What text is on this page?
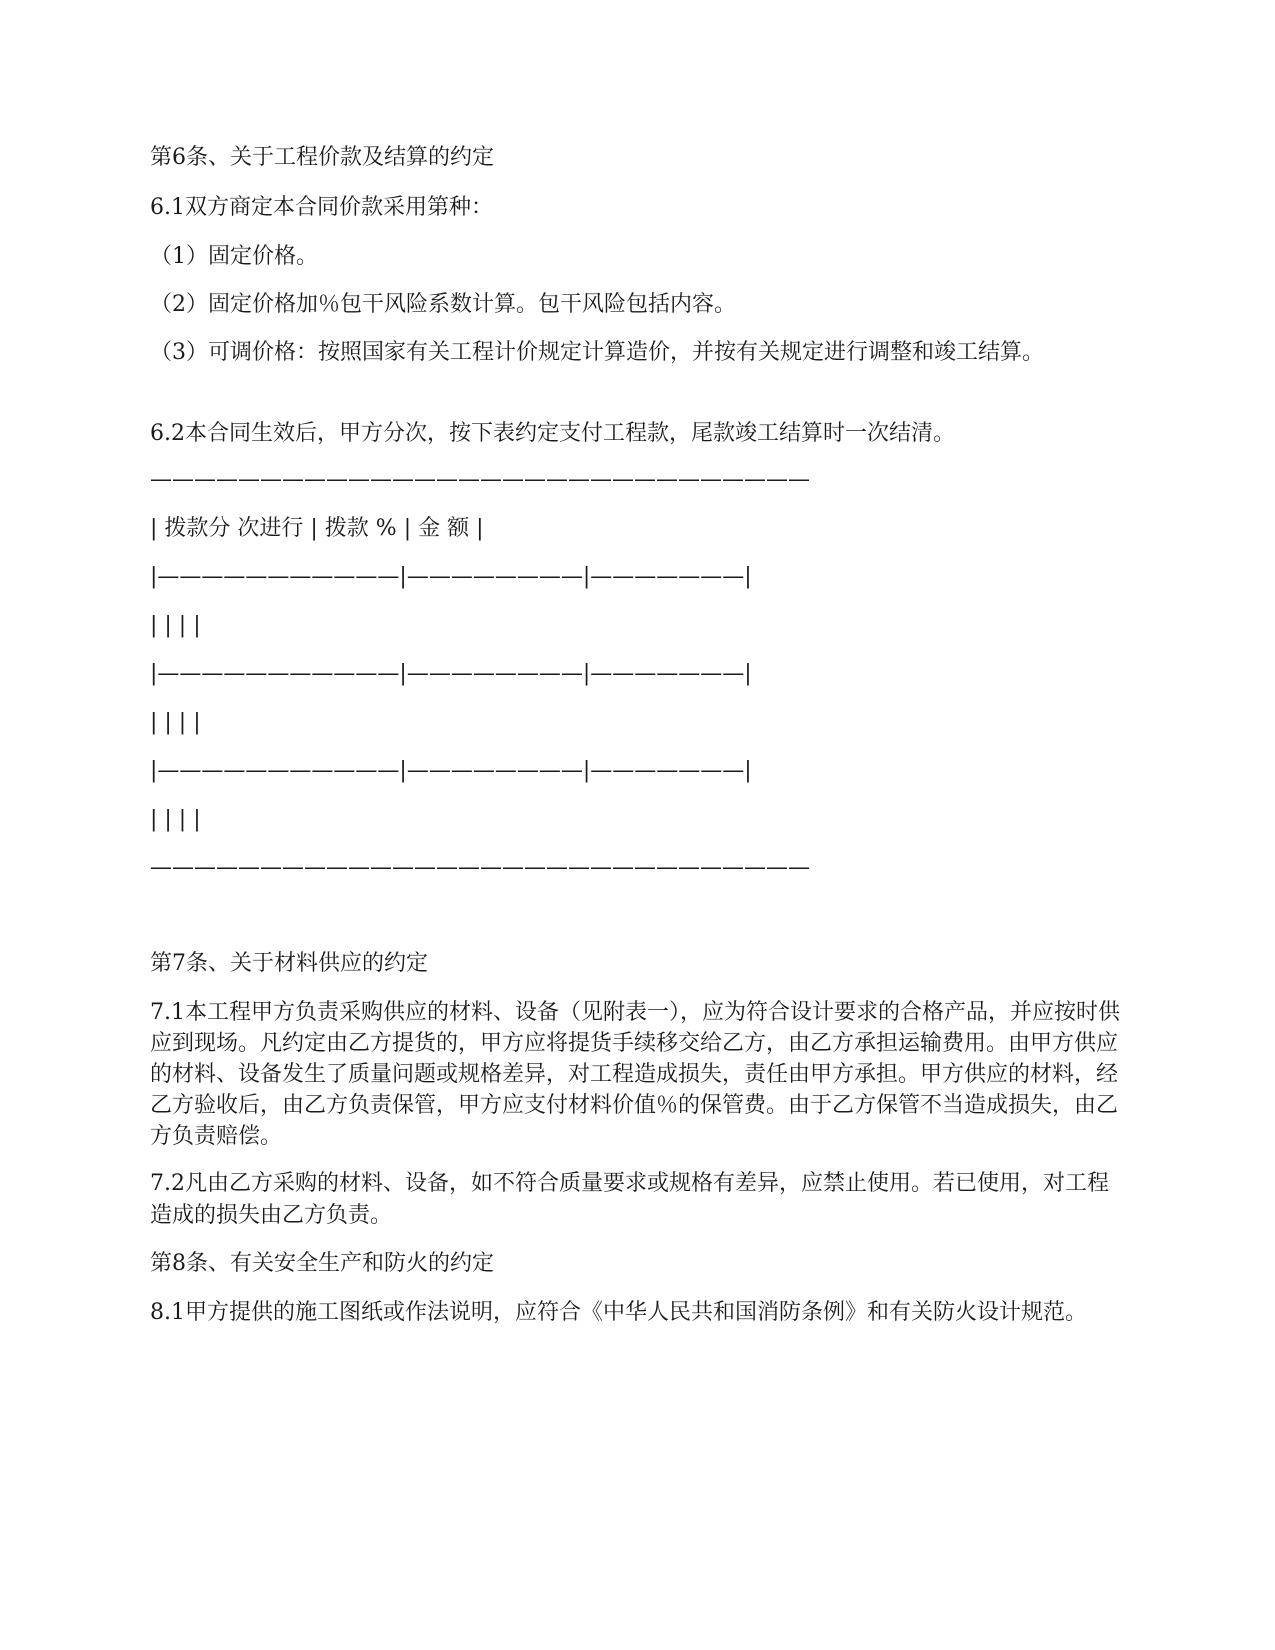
第6条、关于工程价款及结算的约定

6.1双方商定本合同价款采用第种：

（1）固定价格。

（2）固定价格加％包干风险系数计算。包干风险包括内容。

（3）可调价格：按照国家有关工程计价规定计算造价，并按有关规定进行调整和竣工结算。

6.2本合同生效后，甲方分次，按下表约定支付工程款，尾款竣工结算时一次结清。

——————————————————————————————

| 拨款分 次进行 | 拨款 % | 金 额 |

|———————————|————————|———————|

| | | |

|———————————|————————|———————|

| | | |

|———————————|————————|———————|

| | | |

——————————————————————————————

第7条、关于材料供应的约定

7.1本工程甲方负责采购供应的材料、设备（见附表一），应为符合设计要求的合格产品，并应按时供应到现场。凡约定由乙方提货的，甲方应将提货手续移交给乙方，由乙方承担运输费用。由甲方供应的材料、设备发生了质量问题或规格差异，对工程造成损失，责任由甲方承担。甲方供应的材料，经乙方验收后，由乙方负责保管，甲方应支付材料价值％的保管费。由于乙方保管不当造成损失，由乙方负责赔偿。

7.2凡由乙方采购的材料、设备，如不符合质量要求或规格有差异，应禁止使用。若已使用，对工程造成的损失由乙方负责。

第8条、有关安全生产和防火的约定

8.1甲方提供的施工图纸或作法说明，应符合《中华人民共和国消防条例》和有关防火设计规范。
